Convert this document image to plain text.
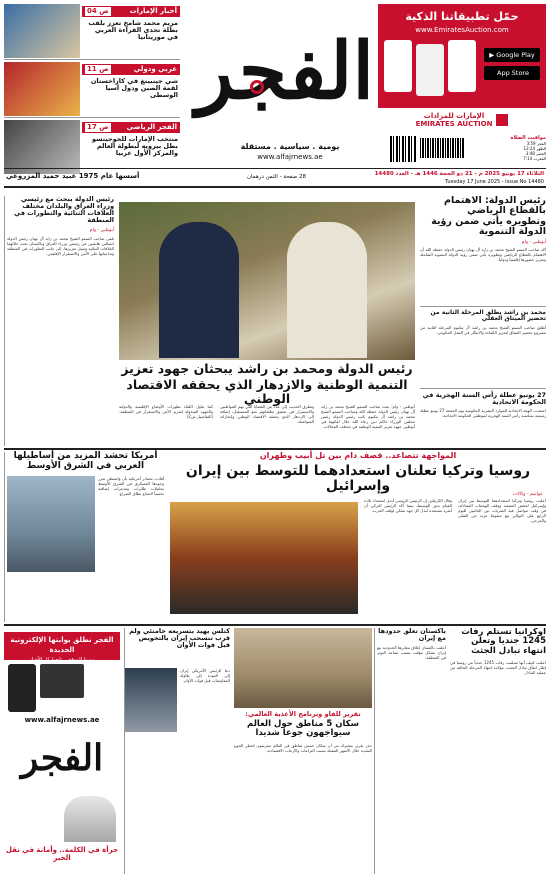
أخبار الإمارات
ص 04
مريم محمد شامخ تعزز بلقب بطلة تحدي القراءة العربي في موريتانيا
عربي ودولي
ص 11
شي جينبينغ في كازاخستان لقمة الصين ودول آسيا الوسطى
الفجر الرياضي
ص 17
منتخب الإمارات للجوجيتسو بطل بيرويه لبطولة العالم والمركز الأول عربيا
الفجر
يومية . سياسية . مستقلة
www.alfajrnews.ae
حمّل تطبيقاتنا الذكية
www.EmiratesAuction.com
▶ Google Play
App Store
الإمارات للمزادات
EMIRATES AUCTION
مواقيت الصلاة
الفجر 3:59
الظهر 12:24
العصر 3:48
المغرب 7:14
الثلاثاء 17 يونيو 2025 م - 21 ذو الحجة 1446 هـ - العدد 14480
Tuesday 17 June 2025 - Issue No 14480
28 صفحة - الثمن درهمان
أسسها عام 1975 عبيد حميد المزروعي
رئيس الدولة: الاهتمام بالقطاع الرياضي
وتطويره يأتي ضمن رؤية الدولة التنموية
أبوظبي - وام
أكد صاحب السمو الشيخ محمد بن زايد آل نهيان رئيس الدولة حفظه الله أن الاهتمام بالقطاع الرياضي وتطويره يأتي ضمن رؤية الدولة التنموية الشاملة وتعزيز حضورها إقليمياً ودولياً.
محمد بن راشد يطلق المرحلة الثانية من تحضير الميثاق العقلي
أطلق صاحب السمو الشيخ محمد بن راشد آل مكتوم المرحلة الثانية من مشروع تحضير الميثاق لتعزيز الكفاءة والابتكار في العمل الحكومي.
27 يونيو عطلة رأس السنة الهجرية في الحكومة الاتحادية
اعتمدت الهيئة الاتحادية للموارد البشرية الحكومية يوم الجمعة 27 يونيو عطلة رسمية بمناسبة رأس السنة الهجرية لموظفي الحكومة الاتحادية.
رئيس الدولة ومحمد بن راشد يبحثان جهود تعزيز
التنمية الوطنية والازدهار الذي يحققه الاقتصاد الوطني
أبوظبي - وام: بحث صاحب السمو الشيخ محمد بن زايد آل نهيان رئيس الدولة حفظه الله وصاحب السمو الشيخ محمد بن راشد آل مكتوم نائب رئيس الدولة رئيس مجلس الوزراء حاكم دبي رعاه الله خلال لقائهما في أبوظبي جهود تعزيز التنمية الوطنية في مختلف المجالات.
وتطرق الحديث إلى عدد من القضايا التي تهم المواطنين والاستمرار في تحقيق تطلعاتهم نحو المستقبل، إضافة إلى الازدهار الذي يحققه الاقتصاد الوطني وإنجازاته المتواصلة.
كما تناول اللقاء تطورات الأوضاع الإقليمية والدولية والجهود المبذولة لتعزيز الأمن والاستقرار في المنطقة. (التفاصيل ص2)
رئيس الدولة يبحث مع رئيسي وزراء العراق والبلدان مختلف العلاقات الثنائية والتطورات في المنطقة
أبوظبي - وام
تلقى صاحب السمو الشيخ محمد بن زايد آل نهيان رئيس الدولة اتصالين هاتفيين من رئيسي وزراء العراق وباكستان بحث خلالهما العلاقات الثنائية وسبل تعزيزها، إلى جانب التطورات في المنطقة وتداعياتها على الأمن والاستقرار الإقليمي.
المواجهة تتصاعد.. قصف دام بين تل أبيب وطهران
روسيا وتركيا تعلنان استعدادهما للتوسط بين إيران وإسرائيل
عواصم - وكالات
أعلنت روسيا وتركيا استعدادهما للتوسط بين إيران وإسرائيل لخفض التصعيد ووقف الهجمات المتبادلة، في وقت تتواصل فيه الضربات بين الجانبين لليوم الرابع على التوالي مع سقوط مزيد من القتلى والجرحى.
وقال الكرملين إن الرئيس الروسي أبدى استعداد بلاده للقيام بدور الوسيط، بينما أكد الرئيس التركي أن أنقرة مستعدة لبذل كل جهد ممكن لوقف الحرب.
أمريكا تحشد المزيد من أساطيلها العربي في الشرق الأوسط
أفادت مصادر أمريكية بأن واشنطن تعزز وجودها العسكري في الشرق الأوسط بحاملات طائرات ومدمرات إضافية تحسباً لاتساع نطاق الصراع.
أوكرانيا تستلم رفات 1245 جنديا وتعلن انتهاء تبادل الجثث
أعلنت كييف أنها تسلمت رفات 1245 جندياً من روسيا في إطار اتفاق تبادل الجثث، مؤكدة انتهاء المرحلة الحالية من عملية التبادل.
باكستان تغلق حدودها مع إيران
أعلنت باكستان إغلاق معابرها الحدودية مع إيران بشكل مؤقت بسبب تصاعد التوتر في المنطقة.
تقرير للفاو وبرنامج الأغذية العالمي:
سكان 5 مناطق حول العالم سيواجهون جوعا شديدا
حذر تقرير مشترك من أن سكان خمس مناطق في العالم معرضون لخطر الجوع الشديد خلال الأشهر المقبلة بسبب النزاعات والأزمات الاقتصادية.
كتلس بهيد بتسريعه خامنئي ولم قرب تنسحب إيران بالتخويض قبل فوات الأوان
دعا الرئيس الأمريكي إيران إلى العودة إلى طاولة المفاوضات قبل فوات الأوان.
الفجر نطلق بوابتها الإلكترونية الجديدة
زوروا الموقع .. تابعوا كل الأخبار
www.alfajrnews.ae
الفجر
جرأة في الكلمة.. وأمانة في نقل الخبر
